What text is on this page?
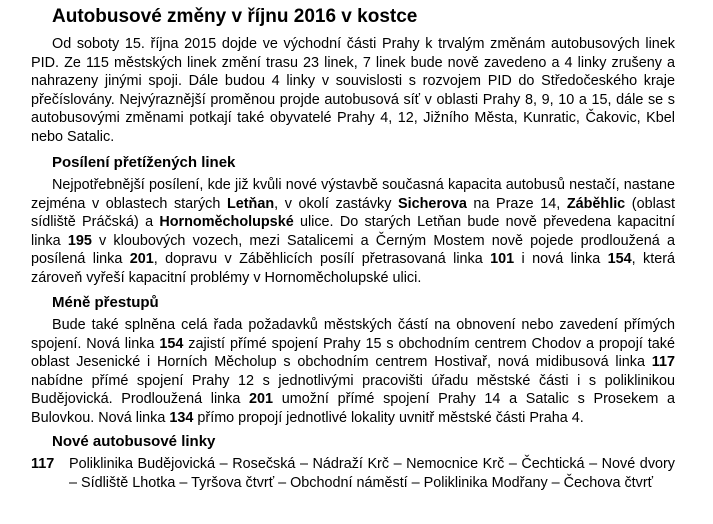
Autobusové změny v říjnu 2016 v kostce

Od soboty 15. října 2015 dojde ve východní části Prahy k trvalým změnám autobusových linek PID. Ze 115 městských linek změní trasu 23 linek, 7 linek bude nově zavedeno a 4 linky zrušeny a nahrazeny jinými spoji. Dále budou 4 linky v souvislosti s rozvojem PID do Středočeského kraje přečíslovány. Nejvýraznější proměnou projde autobusová síť v oblasti Prahy 8, 9, 10 a 15, dále se s autobusovými změnami potkají také obyvatelé Prahy 4, 12, Jižního Města, Kunratic, Čakovic, Kbel nebo Satalic.

Posílení přetížených linek

Nejpotřebnější posílení, kde již kvůli nové výstavbě současná kapacita autobusů nestačí, nastane zejména v oblastech starých Letňan, v okolí zastávky Sicherova na Praze 14, Záběhlic (oblast sídliště Práčská) a Hornoměcholupské ulice. Do starých Letňan bude nově převedena kapacitní linka 195 v kloubových vozech, mezi Satalicemi a Černým Mostem nově pojede prodloužená a posílená linka 201, dopravu v Záběhlicích posílí přetrasovaná linka 101 i nová linka 154, která zároveň vyřeší kapacitní problémy v Hornoměcholupské ulici.

Méně přestupů

Bude také splněna celá řada požadavků městských částí na obnovení nebo zavedení přímých spojení. Nová linka 154 zajistí přímé spojení Prahy 15 s obchodním centrem Chodov a propojí také oblast Jesenické i Horních Měcholup s obchodním centrem Hostivař, nová midibusová linka 117 nabídne přímé spojení Prahy 12 s jednotlivými pracovišti úřadu městské části i s poliklinikou Budějovická. Prodloužená linka 201 umožní přímé spojení Prahy 14 a Satalic s Prosekem a Bulovkou. Nová linka 134 přímo propojí jednotlivé lokality uvnitř městské části Praha 4.

Nové autobusové linky
117 Poliklinika Budějovická – Rosečská – Nádraží Krč – Nemocnice Krč – Čechtická – Nové dvory – Sídliště Lhotka – Tyršova čtvrť – Obchodní náměstí – Poliklinika Modřany – Čechova čtvrť
